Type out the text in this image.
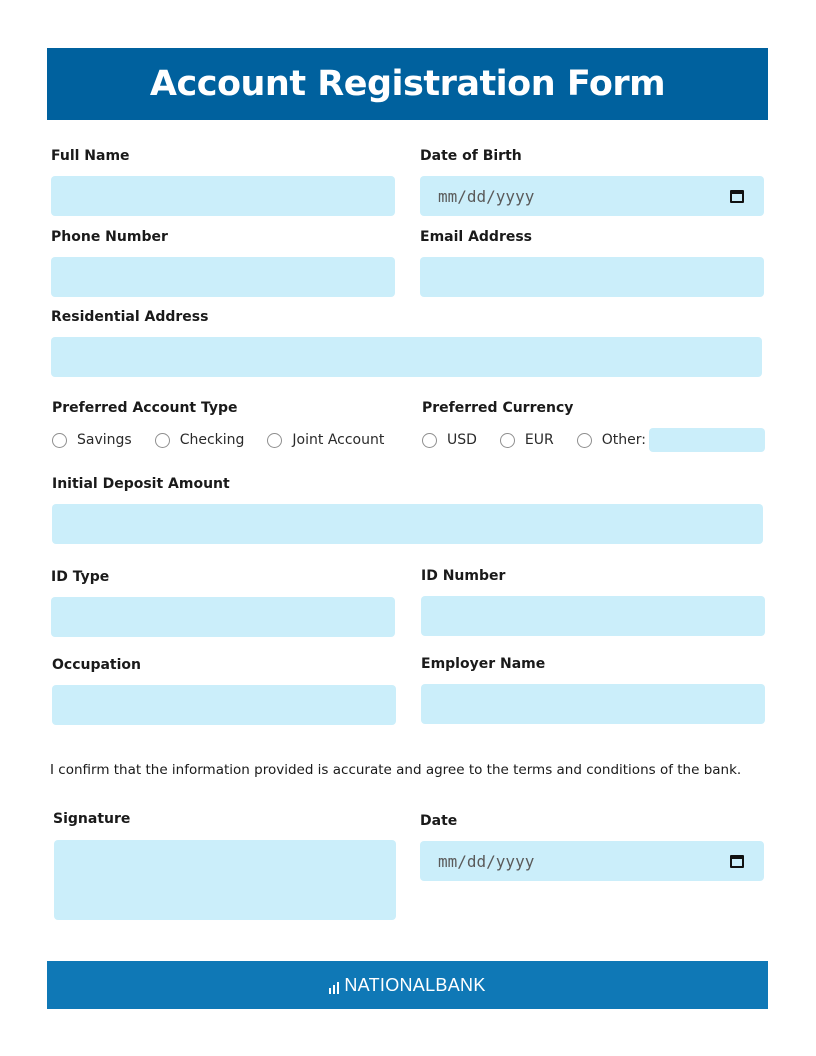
Account Registration Form
Full Name	Date of Birth
mm/dd/yyyy
Phone Number	Email Address
Residential Address
Preferred Account Type
Savings	Checking	Joint Account
Preferred Currency
USD	EUR	Other:
Initial Deposit Amount
ID Type	ID Number
Occupation	Employer Name
I confirm that the information provided is accurate and agree to the terms and conditions of the bank.
Signature	Date
mm/dd/yyyy
NATIONALBANK
